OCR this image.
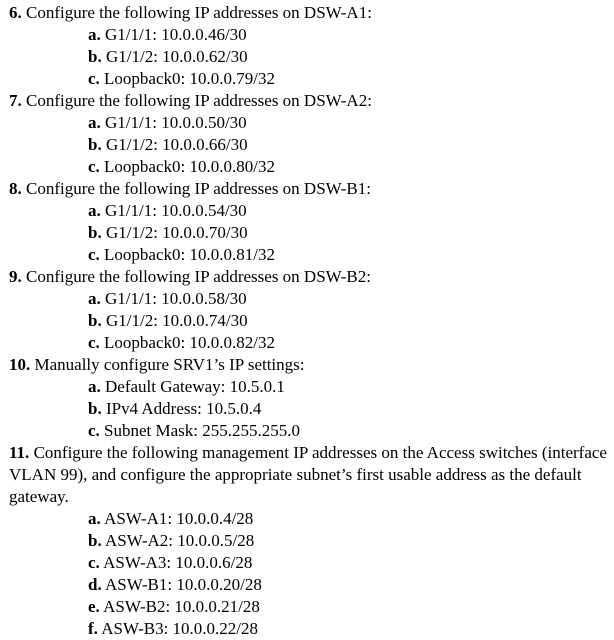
6. Configure the following IP addresses on DSW-A1:
a. G1/1/1: 10.0.0.46/30
b. G1/1/2: 10.0.0.62/30
c. Loopback0: 10.0.0.79/32
7. Configure the following IP addresses on DSW-A2:
a. G1/1/1: 10.0.0.50/30
b. G1/1/2: 10.0.0.66/30
c. Loopback0: 10.0.0.80/32
8. Configure the following IP addresses on DSW-B1:
a. G1/1/1: 10.0.0.54/30
b. G1/1/2: 10.0.0.70/30
c. Loopback0: 10.0.0.81/32
9. Configure the following IP addresses on DSW-B2:
a. G1/1/1: 10.0.0.58/30
b. G1/1/2: 10.0.0.74/30
c. Loopback0: 10.0.0.82/32
10. Manually configure SRV1’s IP settings:
a. Default Gateway: 10.5.0.1
b. IPv4 Address: 10.5.0.4
c. Subnet Mask: 255.255.255.0
11. Configure the following management IP addresses on the Access switches (interface VLAN 99), and configure the appropriate subnet’s first usable address as the default gateway.
a. ASW-A1: 10.0.0.4/28
b. ASW-A2: 10.0.0.5/28
c. ASW-A3: 10.0.0.6/28
d. ASW-B1: 10.0.0.20/28
e. ASW-B2: 10.0.0.21/28
f. ASW-B3: 10.0.0.22/28
